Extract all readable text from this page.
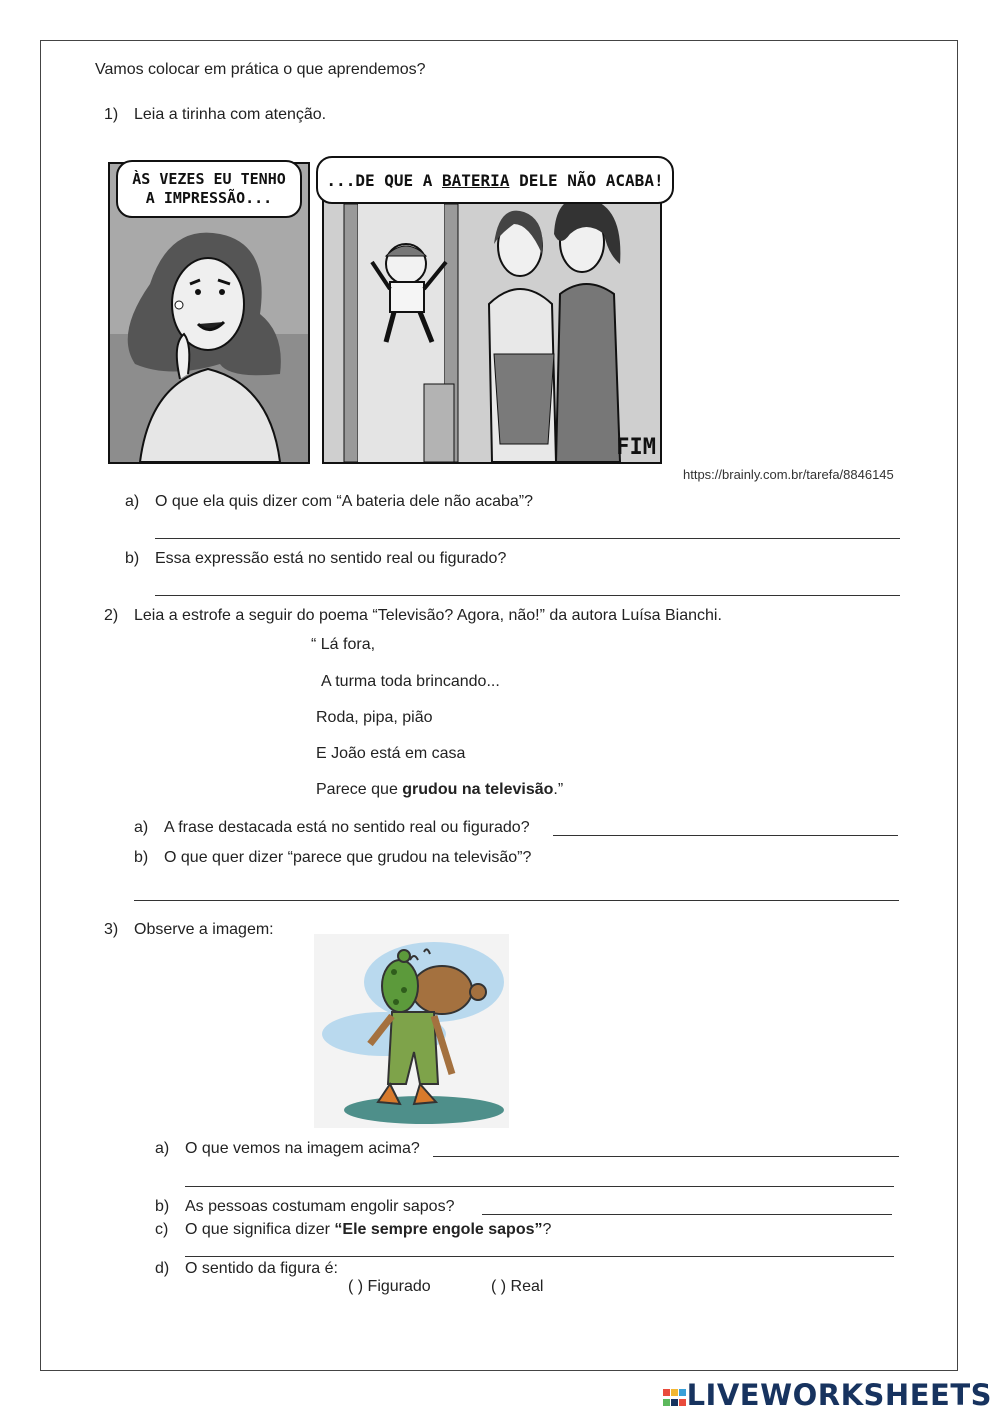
Vamos colocar em prática o que aprendemos?
1) Leia a tirinha com atenção.
ÀS VEZES EU TENHO
A IMPRESSÃO...
FIM
...DE QUE A BATERIA DELE NÃO ACABA!
https://brainly.com.br/tarefa/8846145
a) O que ela quis dizer com “A bateria dele não acaba”?
b) Essa expressão está no sentido real ou figurado?
2) Leia a estrofe a seguir do poema “Televisão? Agora, não!” da autora Luísa Bianchi.
“ Lá fora,
A turma toda brincando...
Roda, pipa, pião
E João está em casa
Parece que grudou na televisão.”
a) A frase destacada está no sentido real ou figurado?
b) O que quer dizer “parece que grudou na televisão”?
3) Observe a imagem:
a) O que vemos na imagem acima?
b) As pessoas costumam engolir sapos?
c) O que significa dizer “Ele sempre engole sapos”?
d) O sentido da figura é:
( ) Figurado	( ) Real

LIVEWORKSHEETS
